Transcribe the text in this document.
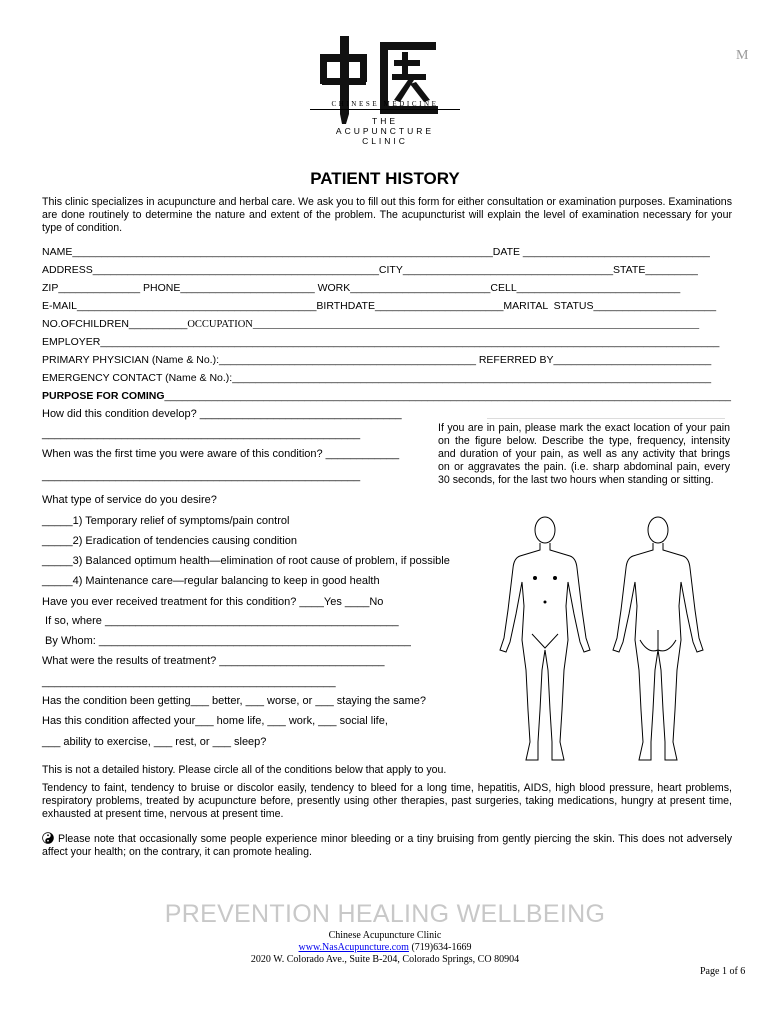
M
CHINESE MEDICINE
THE
ACUPUNCTURE
CLINIC
PATIENT HISTORY
This clinic specializes in acupuncture and herbal care. We ask you to fill out this form for either consultation or examination purposes. Examinations are done routinely to determine the nature and extent of the problem. The acupuncturist will explain the level of examination necessary for your type of condition.
NAME________________________________________________________________________DATE ________________________________
ADDRESS_________________________________________________CITY____________________________________STATE_________
ZIP______________ PHONE_______________________ WORK________________________CELL____________________________
E-MAIL_________________________________________BIRTHDATE______________________MARITAL  STATUS_____________________
NO.OFCHILDREN__________OCCUPATION_____________________________________________________________________________________
EMPLOYER__________________________________________________________________________________________________________
PRIMARY PHYSICIAN (Name & No.):____________________________________________ REFERRED BY___________________________
EMERGENCY CONTACT (Name & No.):__________________________________________________________________________________
PURPOSE FOR COMING_________________________________________________________________________________________________
How did this condition develop? _________________________________
____________________________________________________
When was the first time you were aware of this condition? ____________
____________________________________________________
What type of service do you desire?
_____1) Temporary relief of symptoms/pain control
_____2) Eradication of tendencies causing condition
_____3) Balanced optimum health—elimination of root cause of problem, if possible
_____4) Maintenance care—regular balancing to keep in good health
Have you ever received treatment for this condition? ____Yes ____No
If so, where ________________________________________________
By Whom: ___________________________________________________
What were the results of treatment? ___________________________
________________________________________________
Has the condition been getting___ better, ___ worse, or ___ staying the same?
Has this condition affected your___ home life, ___ work, ___ social life,
___ ability to exercise, ___ rest, or ___ sleep?
If you are in pain, please mark the exact location of your pain on the figure below. Describe the type, frequency, intensity and duration of your pain, as well as any activity that brings on or aggravates the pain. (i.e. sharp abdominal pain, every 30 seconds, for the last two hours when standing or sitting.
This is not a detailed history. Please circle all of the conditions below that apply to you.
Tendency to faint, tendency to bruise or discolor easily, tendency to bleed for a long time, hepatitis, AIDS, high blood pressure, heart problems, respiratory problems, treated by acupuncture before, presently using other therapies, past surgeries, taking medications, hungry at present time, exhausted at present time, nervous at present time.
Please note that occasionally some people experience minor bleeding or a tiny bruising from gently piercing the skin. This does not adversely affect your health; on the contrary, it can promote healing.
PREVENTION HEALING WELLBEING
Chinese Acupuncture Clinic
www.NasAcupuncture.com (719)634-1669
2020 W. Colorado Ave., Suite B-204, Colorado Springs, CO 80904
Page 1 of 6
